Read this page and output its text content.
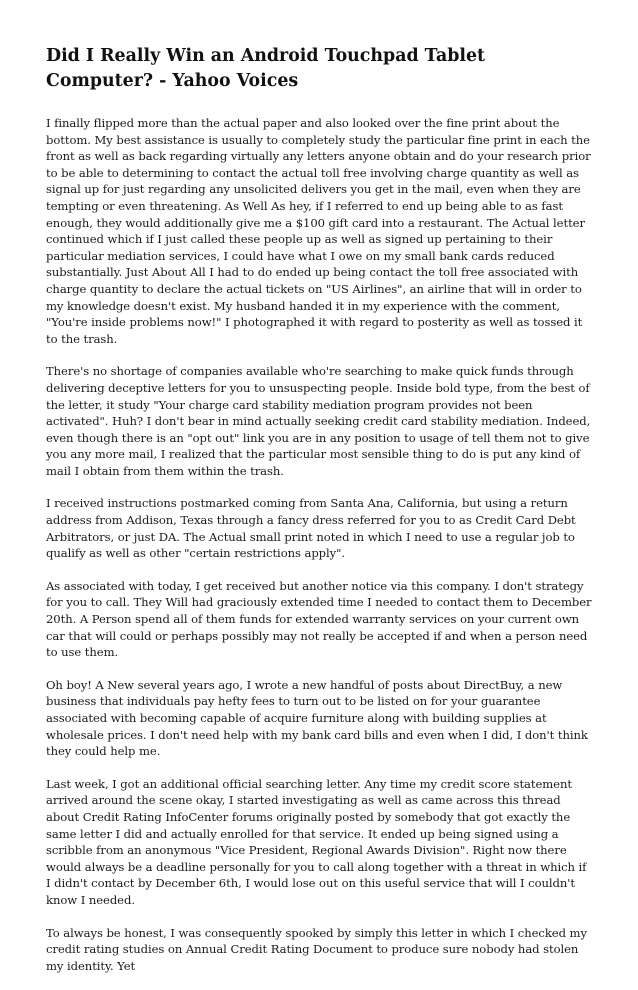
Did I Really Win an Android Touchpad Tablet Computer? - Yahoo Voices

I finally flipped more than the actual paper and also looked over the fine print about the bottom. My best assistance is usually to completely study the particular fine print in each the front as well as back regarding virtually any letters anyone obtain and do your research prior to be able to determining to contact the actual toll free involving charge quantity as well as signal up for just regarding any unsolicited delivers you get in the mail, even when they are tempting or even threatening. As Well As hey, if I referred to end up being able to as fast enough, they would additionally give me a $100 gift card into a restaurant. The Actual letter continued which if I just called these people up as well as signed up pertaining to their particular mediation services, I could have what I owe on my small bank cards reduced substantially. Just About All I had to do ended up being contact the toll free associated with charge quantity to declare the actual tickets on "US Airlines", an airline that will in order to my knowledge doesn't exist. My husband handed it in my experience with the comment, "You're inside problems now!" I photographed it with regard to posterity as well as tossed it to the trash.

There's no shortage of companies available who're searching to make quick funds through delivering deceptive letters for you to unsuspecting people. Inside bold type, from the best of the letter, it study "Your charge card stability mediation program provides not been activated". Huh? I don't bear in mind actually seeking credit card stability mediation. Indeed, even though there is an "opt out" link you are in any position to usage of tell them not to give you any more mail, I realized that the particular most sensible thing to do is put any kind of mail I obtain from them within the trash.

I received instructions postmarked coming from Santa Ana, California, but using a return address from Addison, Texas through a fancy dress referred for you to as Credit Card Debt Arbitrators, or just DA. The Actual small print noted in which I need to use a regular job to qualify as well as other "certain restrictions apply".

As associated with today, I get received but another notice via this company. I don't strategy for you to call. They Will had graciously extended time I needed to contact them to December 20th. A Person spend all of them funds for extended warranty services on your current own car that will could or perhaps possibly may not really be accepted if and when a person need to use them.

Oh boy! A New several years ago, I wrote a new handful of posts about DirectBuy, a new business that individuals pay hefty fees to turn out to be listed on for your guarantee associated with becoming capable of acquire furniture along with building supplies at wholesale prices. I don't need help with my bank card bills and even when I did, I don't think they could help me.

Last week, I got an additional official searching letter. Any time my credit score statement arrived around the scene okay, I started investigating as well as came across this thread about Credit Rating InfoCenter forums originally posted by somebody that got exactly the same letter I did and actually enrolled for that service. It ended up being signed using a scribble from an anonymous "Vice President, Regional Awards Division". Right now there would always be a deadline personally for you to call along together with a threat in which if I didn't contact by December 6th, I would lose out on this useful service that will I couldn't know I needed.

To always be honest, I was consequently spooked by simply this letter in which I checked my credit rating studies on Annual Credit Rating Document to produce sure nobody had stolen my identity. Yet
